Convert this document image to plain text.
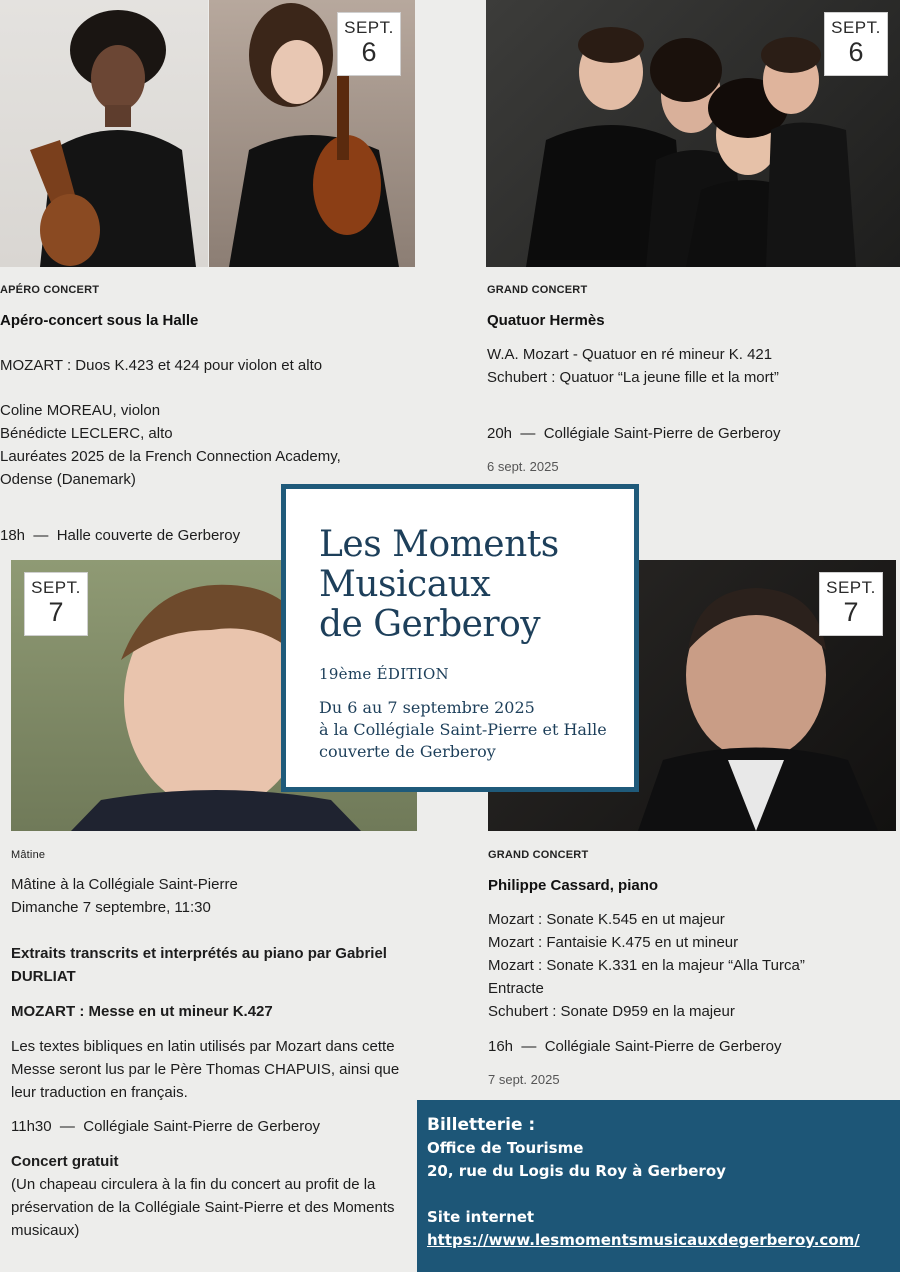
SEPT.
6
SEPT.
6
APÉRO CONCERT
Apéro-concert sous la Halle
MOZART : Duos K.423 et 424 pour violon et alto
Coline MOREAU, violon
Bénédicte LECLERC, alto
Lauréates 2025 de la French Connection Academy,
Odense (Danemark)
18h  —  Halle couverte de Gerberoy
GRAND CONCERT
Quatuor Hermès
W.A. Mozart - Quatuor en ré mineur K. 421
Schubert : Quatuor “La jeune fille et la mort”
20h  —  Collégiale Saint-Pierre de Gerberoy
6 sept. 2025
SEPT.
7
SEPT.
7
Les Moments
Musicaux
de Gerberoy
19ème ÉDITION
Du 6 au 7 septembre 2025
à la Collégiale Saint-Pierre et Halle
couverte de Gerberoy
Mâtine
Mâtine à la Collégiale Saint-Pierre
Dimanche 7 septembre, 11:30
Extraits transcrits et interprétés au piano par Gabriel DURLIAT
MOZART : Messe en ut mineur K.427
Les textes bibliques en latin utilisés par Mozart dans cette Messe seront lus par le Père Thomas CHAPUIS, ainsi que leur traduction en français.
11h30  —  Collégiale Saint-Pierre de Gerberoy
Concert gratuit
(Un chapeau circulera à la fin du concert au profit de la préservation de la Collégiale Saint-Pierre et des Moments musicaux)
GRAND CONCERT
Philippe Cassard, piano
Mozart : Sonate K.545 en ut majeur
Mozart : Fantaisie K.475 en ut mineur
Mozart : Sonate K.331 en la majeur “Alla Turca”
Entracte
Schubert : Sonate D959 en la majeur
16h  —  Collégiale Saint-Pierre de Gerberoy
7 sept. 2025
Billetterie :
Office de Tourisme
20, rue du Logis du Roy à Gerberoy
Site internet
https://www.lesmomentsmusicauxdegerberoy.com/
